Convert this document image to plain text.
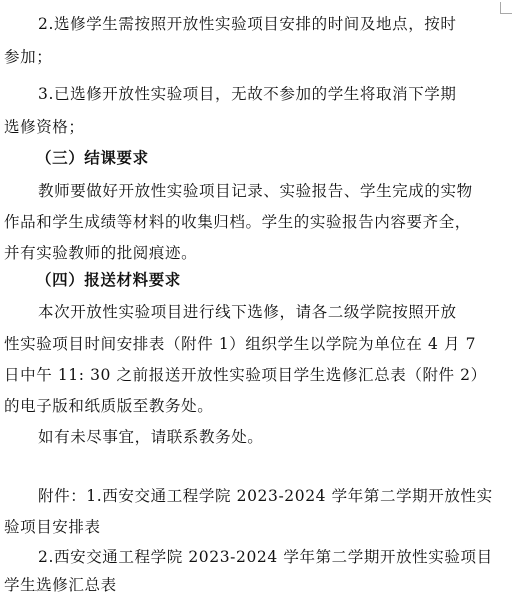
2.选修学生需按照开放性实验项目安排的时间及地点，按时
参加；
3.已选修开放性实验项目，无故不参加的学生将取消下学期
选修资格；
（三）结课要求
教师要做好开放性实验项目记录、实验报告、学生完成的实物
作品和学生成绩等材料的收集归档。学生的实验报告内容要齐全，
并有实验教师的批阅痕迹。
（四）报送材料要求
本次开放性实验项目进行线下选修，请各二级学院按照开放
性实验项目时间安排表（附件 1）组织学生以学院为单位在 4 月 7
日中午 11: 30 之前报送开放性实验项目学生选修汇总表（附件 2）
的电子版和纸质版至教务处。
如有未尽事宜，请联系教务处。
附件：1.西安交通工程学院 2023-2024 学年第二学期开放性实
验项目安排表
2.西安交通工程学院 2023-2024 学年第二学期开放性实验项目
学生选修汇总表
